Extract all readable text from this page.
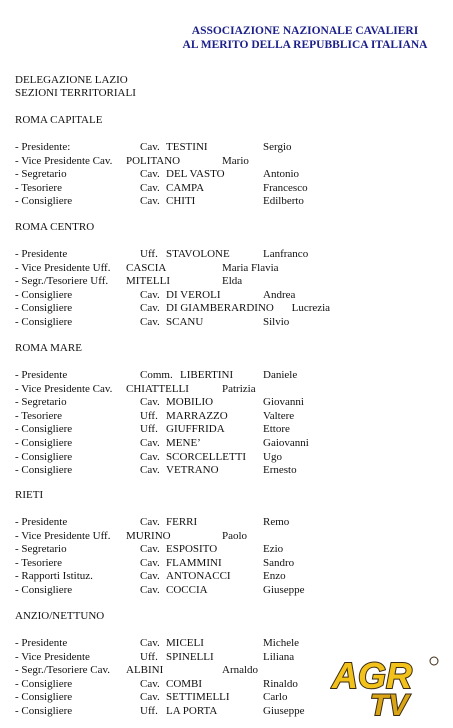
ASSOCIAZIONE NAZIONALE CAVALIERI
AL MERITO DELLA REPUBBLICA ITALIANA
DELEGAZIONE LAZIO
SEZIONI TERRITORIALI
ROMA CAPITALE
- Presidente:	Cav. TESTINI	Sergio
- Vice Presidente Cav. POLITANO	Mario
- Segretario	Cav. DEL VASTO	Antonio
- Tesoriere	Cav. CAMPA	Francesco
- Consigliere	Cav. CHITI	Edilberto
ROMA CENTRO
- Presidente	Uff. STAVOLONE	Lanfranco
- Vice Presidente Uff. CASCIA	Maria Flavia
- Segr./Tesoriere Uff. MITELLI	Elda
- Consigliere	Cav. DI VEROLI	Andrea
- Consigliere	Cav. DI GIAMBERARDINO Lucrezia
- Consigliere	Cav. SCANU	Silvio
ROMA MARE
- Presidente	Comm. LIBERTINI	Daniele
- Vice Presidente Cav. CHIATTELLI	Patrizia
- Segretario	Cav. MOBILIO	Giovanni
- Tesoriere	Uff. MARRAZZO	Valtere
- Consigliere	Uff. GIUFFRIDA	Ettore
- Consigliere	Cav. MENE’	Gaiovanni
- Consigliere	Cav. SCORCELLETTI Ugo
- Consigliere	Cav. VETRANO	Ernesto
RIETI
- Presidente	Cav. FERRI	Remo
- Vice Presidente Uff. MURINO	Paolo
- Segretario	Cav. ESPOSITO	Ezio
- Tesoriere	Cav. FLAMMINI	Sandro
- Rapporti Istituz.	Cav. ANTONACCI	Enzo
- Consigliere	Cav. COCCIA	Giuseppe
ANZIO/NETTUNO
- Presidente	Cav. MICELI	Michele
- Vice Presidente	Uff. SPINELLI	Liliana
- Segr./Tesoriere Cav. ALBINI	Arnaldo
- Consigliere	Cav. COMBI	Rinaldo
- Consigliere	Cav. SETTIMELLI	Carlo
- Consigliere	Uff. LA PORTA	Giuseppe
AGR
TV
